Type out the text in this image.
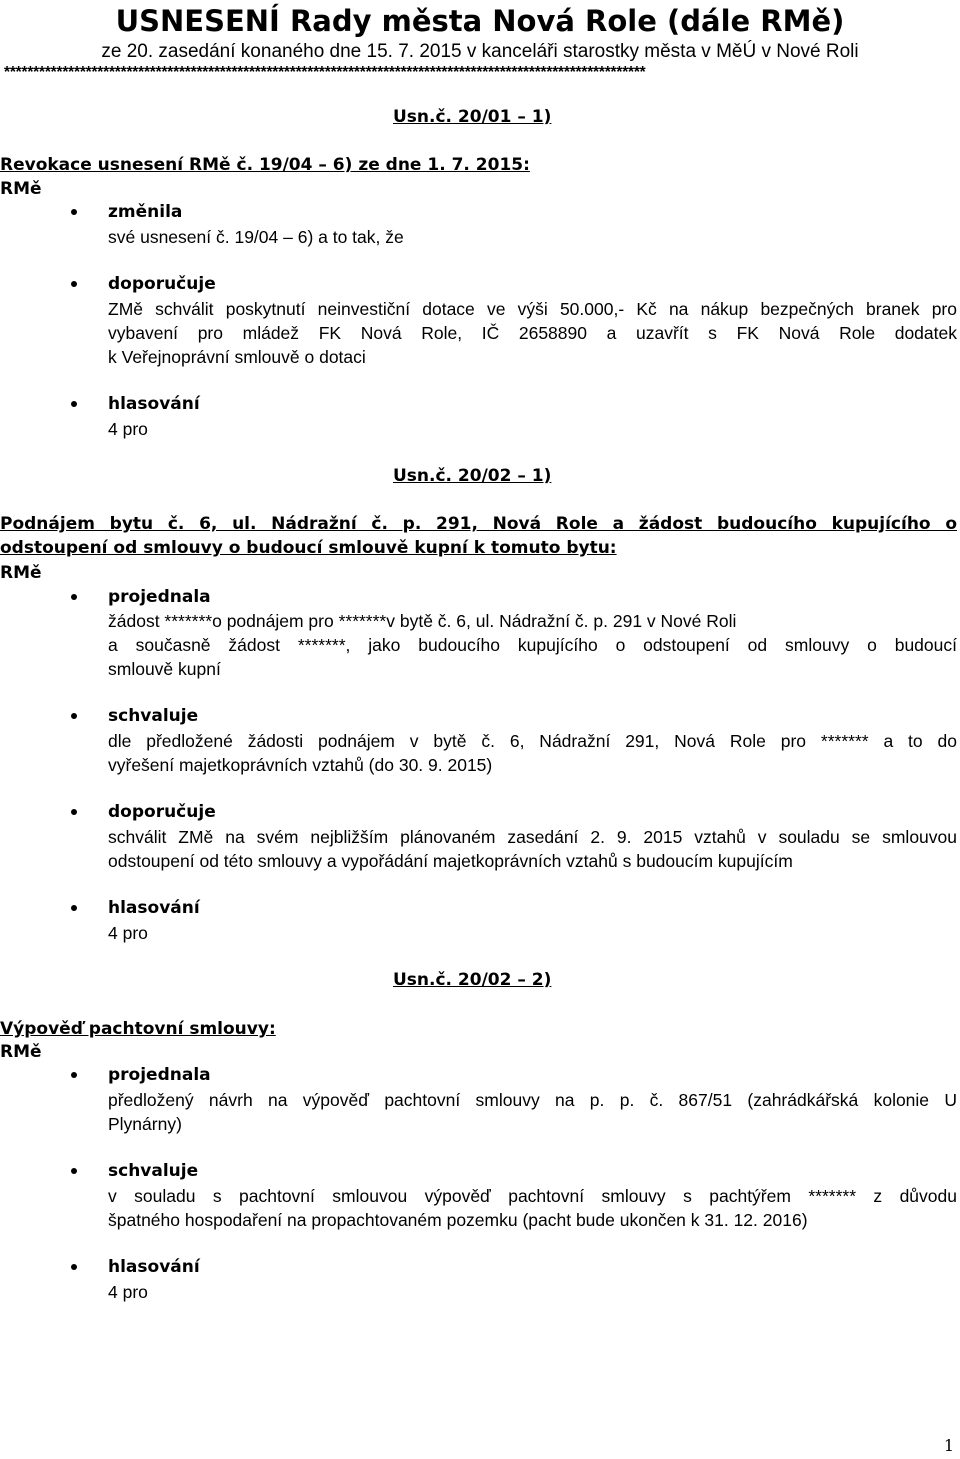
USNESENÍ Rady města Nová Role (dále RMě)
ze 20. zasedání konaného dne 15. 7. 2015 v kanceláři starostky města v MěÚ v Nové Roli
**************************************************************************************************************
Usn.č. 20/01 – 1)
Revokace usnesení RMě č. 19/04 – 6) ze dne 1. 7. 2015:
RMě
změnila
své usnesení č. 19/04 – 6) a to tak, že
doporučuje
ZMě schválit poskytnutí neinvestiční dotace ve výši 50.000,- Kč na nákup bezpečných branek pro
vybavení pro mládež FK Nová Role, IČ 2658890 a uzavřít s FK Nová Role dodatek
k Veřejnoprávní smlouvě o dotaci
hlasování
4 pro
Usn.č. 20/02 – 1)
Podnájem bytu č. 6, ul. Nádražní č. p. 291, Nová Role a žádost budoucího kupujícího o
odstoupení od smlouvy o budoucí smlouvě kupní k tomuto bytu:
RMě
projednala
žádost *******o podnájem pro *******v bytě č. 6, ul. Nádražní č. p. 291 v Nové Roli
a současně žádost *******, jako budoucího kupujícího o odstoupení od smlouvy o budoucí
smlouvě kupní
schvaluje
dle předložené žádosti podnájem v bytě č. 6, Nádražní 291, Nová Role pro ******* a to do
vyřešení majetkoprávních vztahů (do 30. 9. 2015)
doporučuje
schválit ZMě na svém nejbližším plánovaném zasedání 2. 9. 2015 vztahů v souladu se smlouvou
odstoupení od této smlouvy a vypořádání majetkoprávních vztahů s budoucím kupujícím
hlasování
4 pro
Usn.č. 20/02 – 2)
Výpověď pachtovní smlouvy:
RMě
projednala
předložený návrh na výpověď pachtovní smlouvy na p. p. č. 867/51 (zahrádkářská kolonie U
Plynárny)
schvaluje
v souladu s pachtovní smlouvou výpověď pachtovní smlouvy s pachtýřem ******* z důvodu
špatného hospodaření na propachtovaném pozemku (pacht bude ukončen k 31. 12. 2016)
hlasování
4 pro
1
